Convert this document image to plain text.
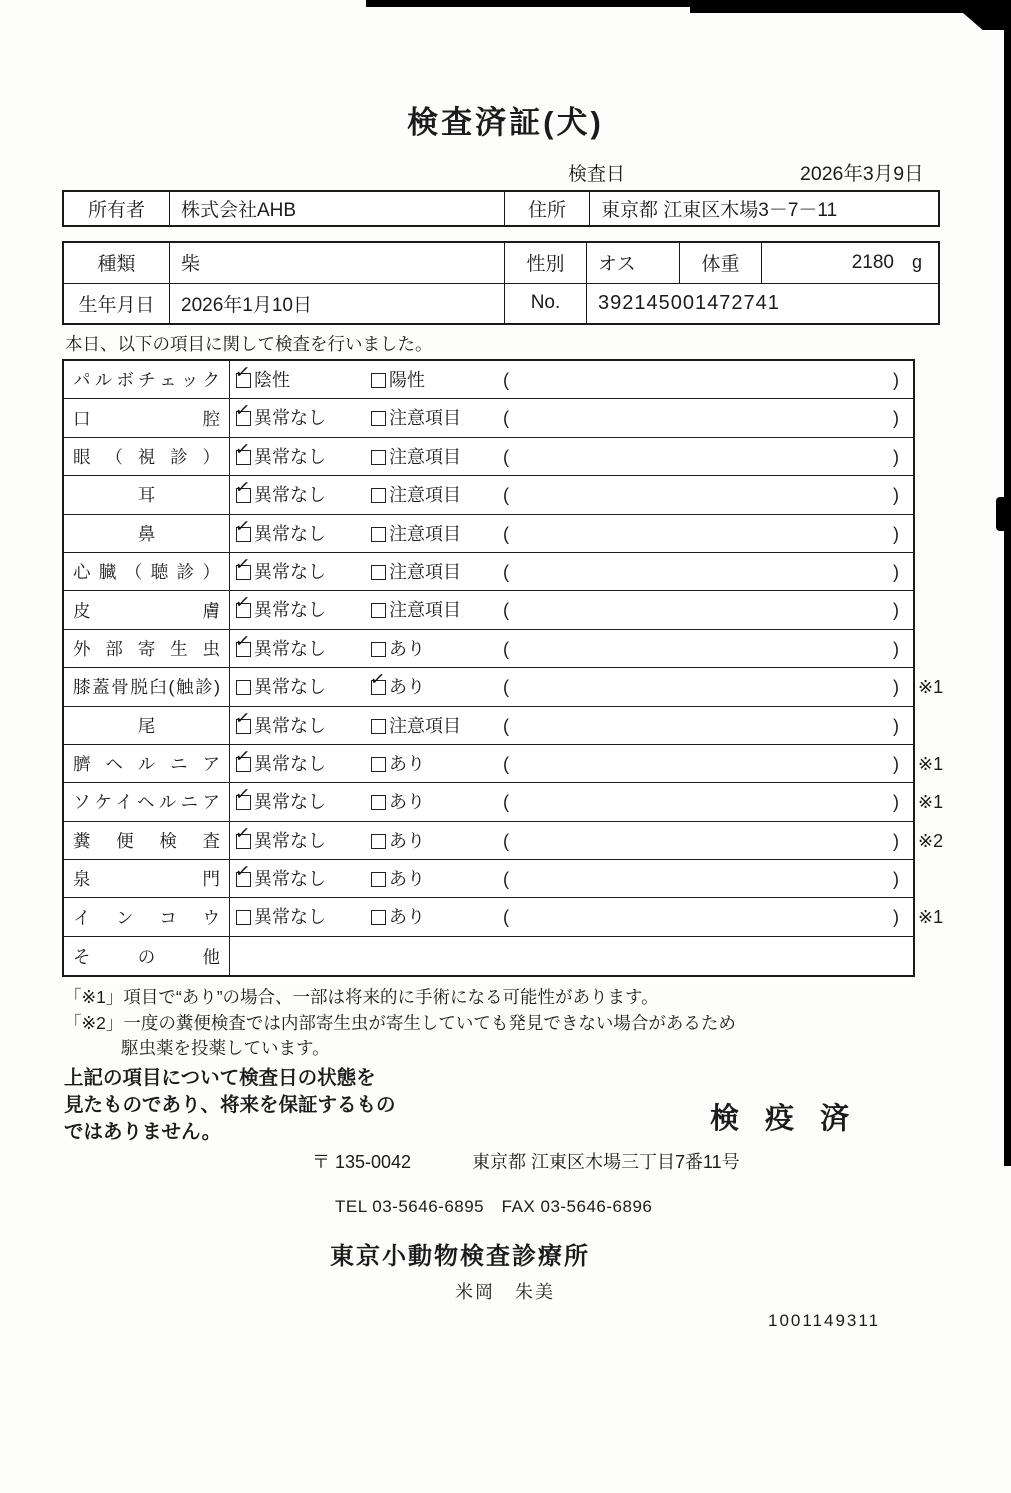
検査済証(犬)
検査日	2026年3月9日
所有者	株式会社AHB	住所	東京都 江東区木場3－7－11
種類	柴	性別	オス	体重	2180 g
生年月日	2026年1月10日	No.	392145001472741
本日、以下の項目に関して検査を行いました。
パルボチェック ✓ 陰性	陽性	(	)
口腔 ✓ 異常なし	注意項目 (	)
眼（視診） ✓ 異常なし	注意項目 (	)
耳	✓ 異常なし	注意項目 (	)
鼻	✓ 異常なし	注意項目 (	)
心臓（聴診） ✓ 異常なし	注意項目 (	)
皮膚 ✓ 異常なし	注意項目 (	)
外部寄生虫 ✓ 異常なし	あり	(	)
膝蓋骨脱臼(触診)	異常なし ✓ あり	(	) ※1
尾	✓ 異常なし	注意項目 (	)
臍ヘルニア ✓ 異常なし	あり	(	) ※1
ソケイヘルニア ✓ 異常なし	あり	(	) ※1
糞便検査 ✓ 異常なし	あり	(	) ※2
泉門 ✓ 異常なし	あり	(	)
インコウ	異常なし	あり	(	) ※1
その他
「※1」項目で“あり”の場合、一部は将来的に手術になる可能性があります。
「※2」一度の糞便検査では内部寄生虫が寄生していても発見できない場合があるため
駆虫薬を投薬しています。
上記の項目について検査日の状態を
見たものであり、将来を保証するもの
ではありません。	検 疫 済
〒 135-0042	東京都 江東区木場三丁目7番11号
TEL 03-5646-6895　FAX 03-5646-6896
東京小動物検査診療所
米岡　朱美
1001149311
